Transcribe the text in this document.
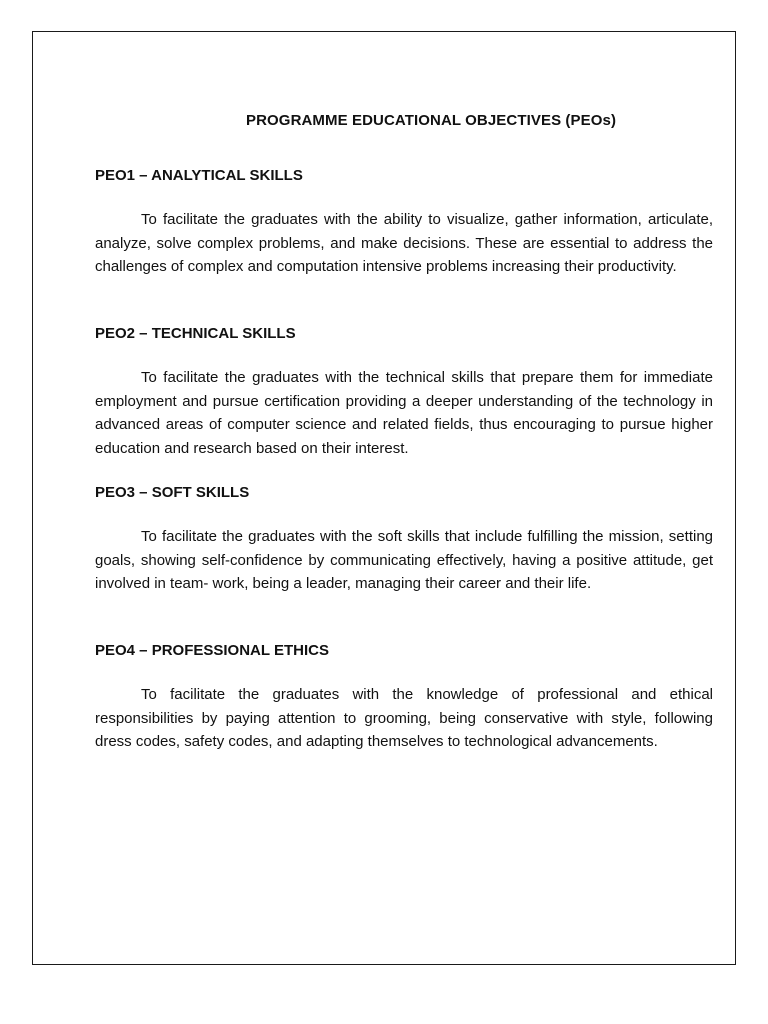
PROGRAMME EDUCATIONAL OBJECTIVES (PEOs)

PEO1 – ANALYTICAL SKILLS

To facilitate the graduates with the ability to visualize, gather information, articulate, analyze, solve complex problems, and make decisions. These are essential to address the challenges of complex and computation intensive problems increasing their productivity.

PEO2 – TECHNICAL SKILLS

To facilitate the graduates with the technical skills that prepare them for immediate employment and pursue certification providing a deeper understanding of the technology in advanced areas of computer science and related fields, thus encouraging to pursue higher education and research based on their interest.

PEO3 – SOFT SKILLS

To facilitate the graduates with the soft skills that include fulfilling the mission, setting goals, showing self-confidence by communicating effectively, having a positive attitude, get involved in team- work, being a leader, managing their career and their life.

PEO4 – PROFESSIONAL ETHICS

To facilitate the graduates with the knowledge of professional and ethical responsibilities by paying attention to grooming, being conservative with style, following dress codes, safety codes, and adapting themselves to technological advancements.
